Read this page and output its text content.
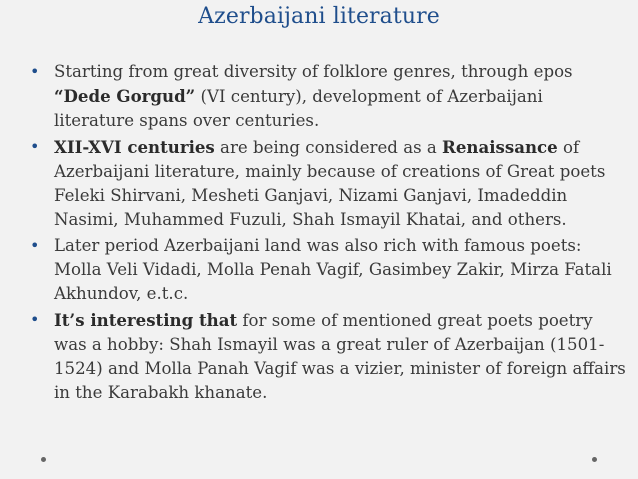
Azerbaijani literature
• Starting from great diversity of folklore genres, through epos “Dede Gorgud” (VI century), development of Azerbaijani literature spans over centuries.
• XII-XVI centuries are being considered as a Renaissance of Azerbaijani literature, mainly because of creations of Great poets Feleki Shirvani, Mesheti Ganjavi, Nizami Ganjavi, Imadeddin Nasimi, Muhammed Fuzuli, Shah Ismayil Khatai, and others.
• Later period Azerbaijani land was also rich with famous poets: Molla Veli Vidadi, Molla Penah Vagif, Gasimbey Zakir, Mirza Fatali Akhundov, e.t.c.
• It’s interesting that for some of mentioned great poets poetry was a hobby: Shah Ismayil was a great ruler of Azerbaijan (1501-1524) and Molla Panah Vagif was a vizier, minister of foreign affairs in the Karabakh khanate.
